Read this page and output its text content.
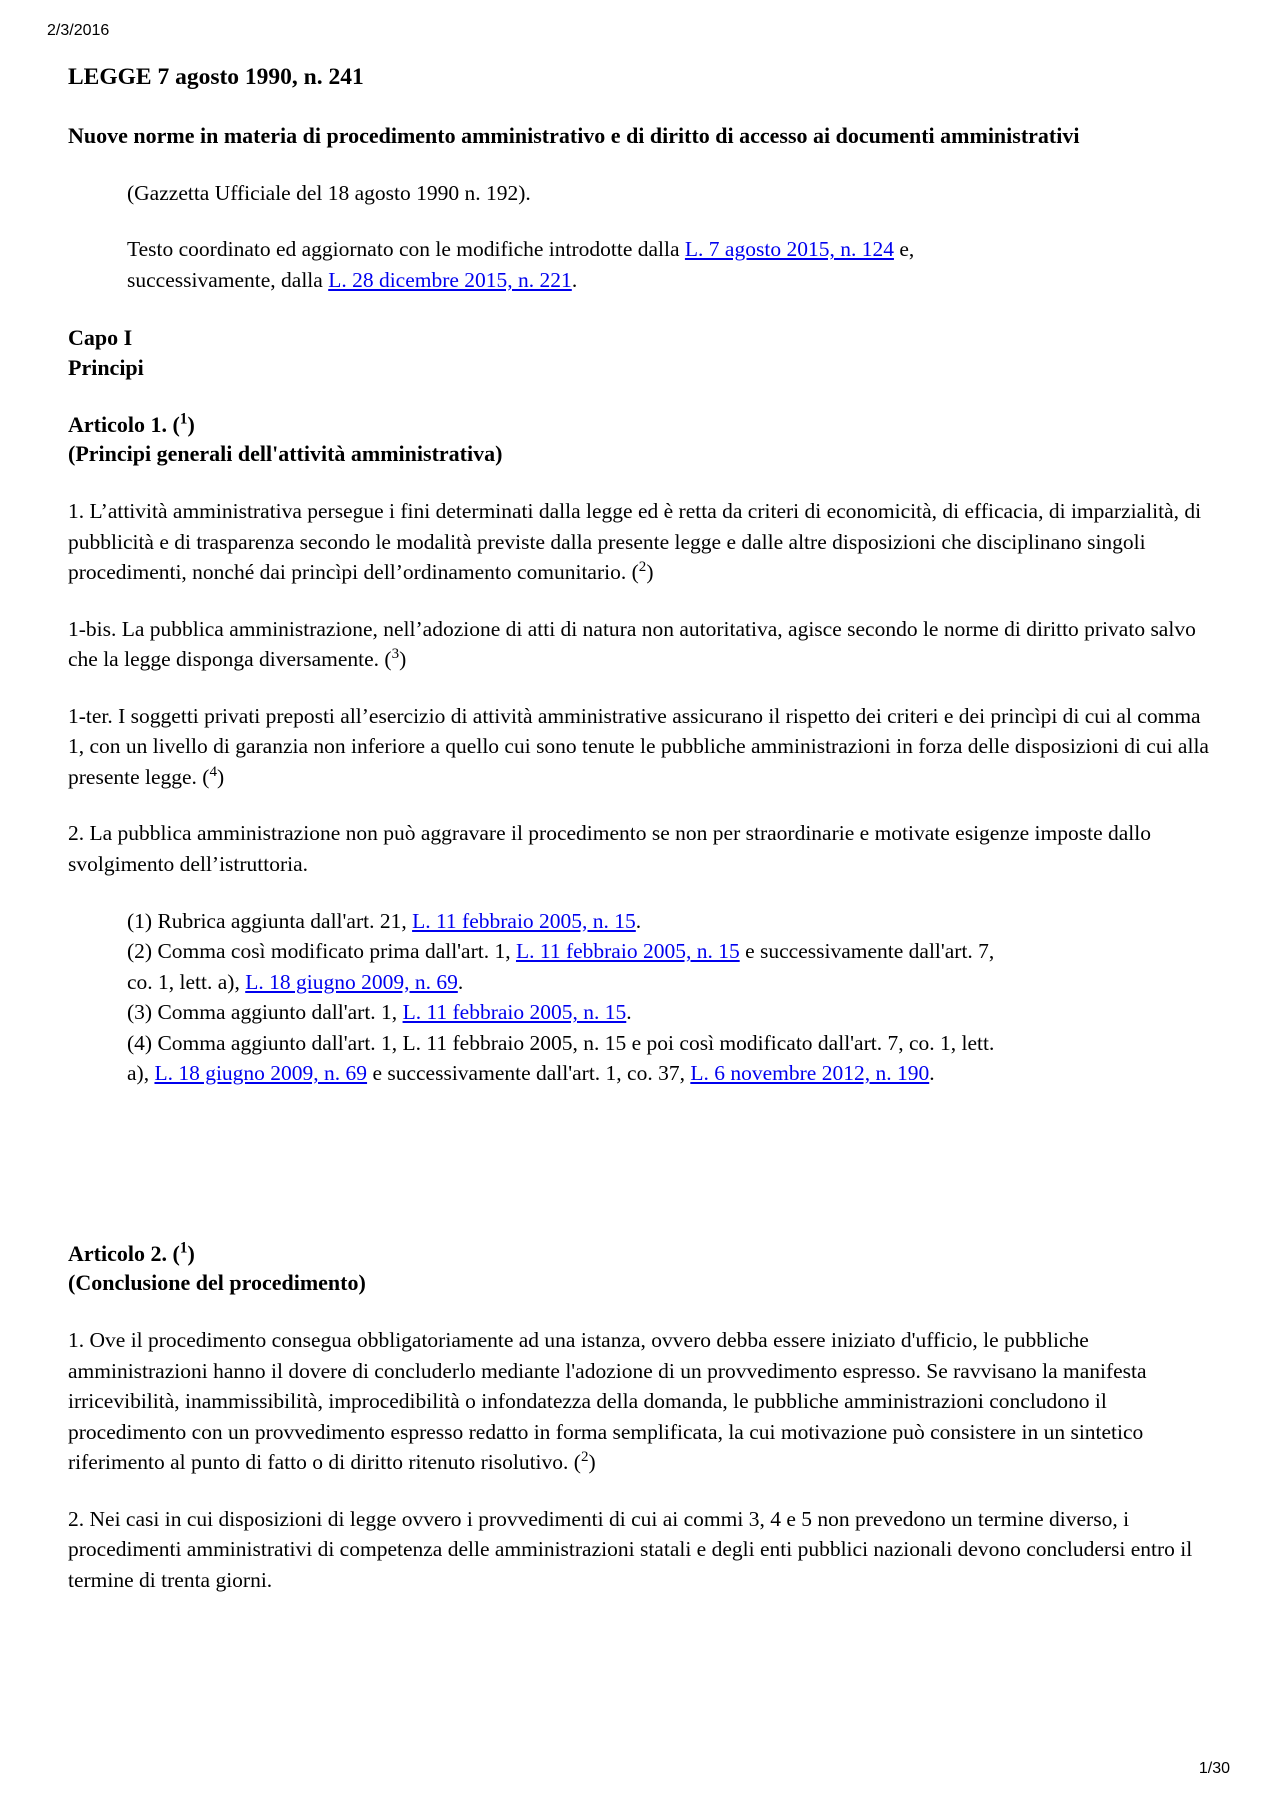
2/3/2016
LEGGE 7 agosto 1990, n. 241
Nuove norme in materia di procedimento amministrativo e di diritto di accesso ai documenti amministrativi
(Gazzetta Ufficiale del 18 agosto 1990 n. 192).
Testo coordinato ed aggiornato con le modifiche introdotte dalla L. 7 agosto 2015, n. 124 e, successivamente, dalla L. 28 dicembre 2015, n. 221.
Capo I
Principi
Articolo 1. ($^1$)
(Principi generali dell'attività amministrativa)
1. L’attività amministrativa persegue i fini determinati dalla legge ed è retta da criteri di economicità, di efficacia, di imparzialità, di pubblicità e di trasparenza secondo le modalità previste dalla presente legge e dalle altre disposizioni che disciplinano singoli procedimenti, nonché dai princìpi dell’ordinamento comunitario. ($^2$)
1-bis. La pubblica amministrazione, nell’adozione di atti di natura non autoritativa, agisce secondo le norme di diritto privato salvo che la legge disponga diversamente. ($^3$)
1-ter. I soggetti privati preposti all’esercizio di attività amministrative assicurano il rispetto dei criteri e dei princìpi di cui al comma 1, con un livello di garanzia non inferiore a quello cui sono tenute le pubbliche amministrazioni in forza delle disposizioni di cui alla presente legge. ($^4$)
2. La pubblica amministrazione non può aggravare il procedimento se non per straordinarie e motivate esigenze imposte dallo svolgimento dell’istruttoria.
(1) Rubrica aggiunta dall'art. 21, L. 11 febbraio 2005, n. 15.
(2) Comma così modificato prima dall'art. 1, L. 11 febbraio 2005, n. 15 e successivamente dall'art. 7, co. 1, lett. a), L. 18 giugno 2009, n. 69.
(3) Comma aggiunto dall'art. 1, L. 11 febbraio 2005, n. 15.
(4) Comma aggiunto dall'art. 1, L. 11 febbraio 2005, n. 15 e poi così modificato dall'art. 7, co. 1, lett. a), L. 18 giugno 2009, n. 69 e successivamente dall'art. 1, co. 37, L. 6 novembre 2012, n. 190.
Articolo 2. ($^1$)
(Conclusione del procedimento)
1. Ove il procedimento consegua obbligatoriamente ad una istanza, ovvero debba essere iniziato d'ufficio, le pubbliche amministrazioni hanno il dovere di concluderlo mediante l'adozione di un provvedimento espresso. Se ravvisano la manifesta irricevibilità, inammissibilità, improcedibilità o infondatezza della domanda, le pubbliche amministrazioni concludono il procedimento con un provvedimento espresso redatto in forma semplificata, la cui motivazione può consistere in un sintetico riferimento al punto di fatto o di diritto ritenuto risolutivo. ($^2$)
2. Nei casi in cui disposizioni di legge ovvero i provvedimenti di cui ai commi 3, 4 e 5 non prevedono un termine diverso, i procedimenti amministrativi di competenza delle amministrazioni statali e degli enti pubblici nazionali devono concludersi entro il termine di trenta giorni.
1/30
